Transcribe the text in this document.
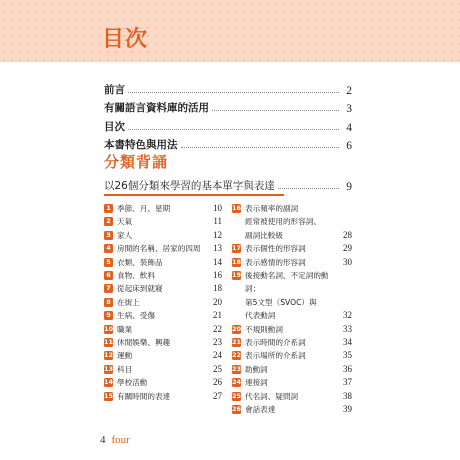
目次
前言	2
有關語言資料庫的活用	3
目次	4
本書特色與用法	6
分類背誦
以26個分類來學習的基本單字與表達	9
1 季節、月、星期	10
2 天氣	11
3 家人	12
4 房間的名稱、居家的四周	13
5 衣類、裝飾品	14
6 食物、飲料	16
7 從起床到就寢	18
8 在街上	20
9 生病、受傷	21
10 職業	22
11 休閒娛樂、興趣	23
12 運動	24
13 科目	25
14 學校活動	26
15 有關時間的表達	27
16 表示頻率的副詞
經常被使用的形容詞、
副詞比較級	28
17 表示個性的形容詞	29
18 表示感情的形容詞	30
19 後接動名詞、不定詞的動詞；
第5文型（SVOC）與
代表動詞	32
20 不規則動詞	33
21 表示時間的介系詞	34
22 表示場所的介系詞	35
23 助動詞	36
24 連接詞	37
25 代名詞、疑問詞	38
26 會話表達	39
4 four
